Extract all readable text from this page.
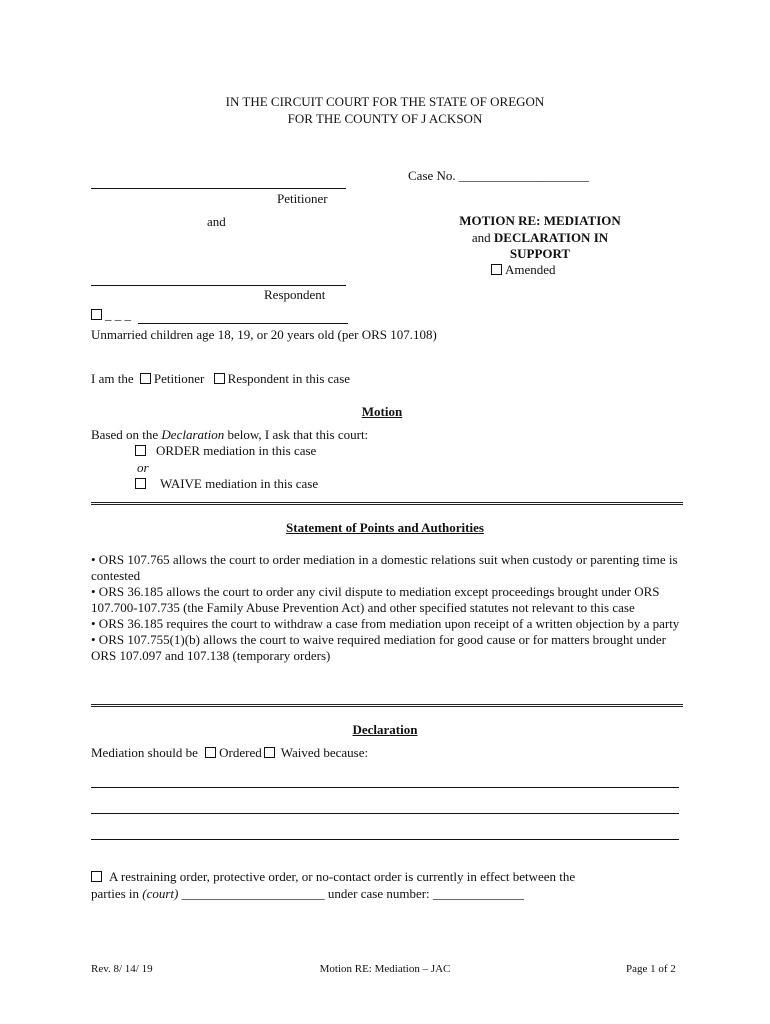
IN THE CIRCUIT COURT FOR THE STATE OF OREGON
FOR THE COUNTY OF J ACKSON
Case No. ____________________
Petitioner
and	MOTION RE: MEDIATION
and DECLARATION IN
SUPPORT
Amended
Respondent
_ _ _
Unmarried children age 18, 19, or 20 years old (per ORS 107.108)
I am the Petitioner Respondent in this case
Motion
Based on the Declaration below, I ask that this court:
ORDER mediation in this case
or
WAIVE mediation in this case
Statement of Points and Authorities
• ORS 107.765 allows the court to order mediation in a domestic relations suit when custody or parenting time is contested
• ORS 36.185 allows the court to order any civil dispute to mediation except proceedings brought under ORS 107.700-107.735 (the Family Abuse Prevention Act) and other specified statutes not relevant to this case
• ORS 36.185 requires the court to withdraw a case from mediation upon receipt of a written objection by a party
• ORS 107.755(1)(b) allows the court to waive required mediation for good cause or for matters brought under ORS 107.097 and 107.138 (temporary orders)
Declaration
Mediation should be Ordered Waived because:
A restraining order, protective order, or no-contact order is currently in effect between the
parties in (court) ______________________ under case number: ______________
Rev. 8/ 14/ 19	Motion RE: Mediation – JAC	Page 1 of 2
